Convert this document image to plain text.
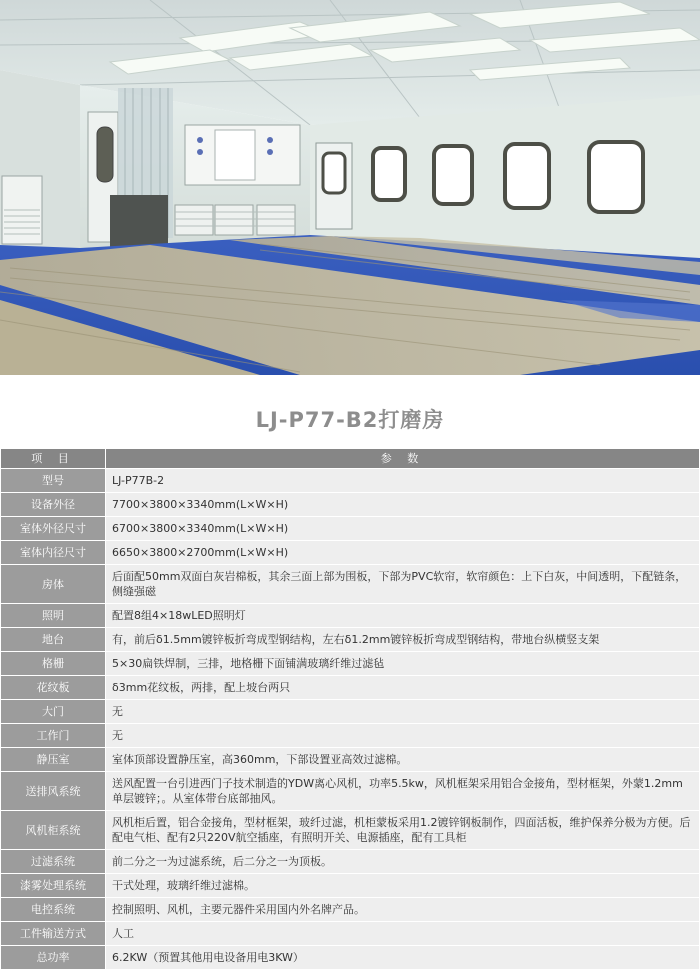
LJ-P77-B2打磨房
项 目	参 数
型号	LJ-P77B-2
设备外径	7700×3800×3340mm(L×W×H)
室体外径尺寸	6700×3800×3340mm(L×W×H)
室体内径尺寸	6650×3800×2700mm(L×W×H)
房体	后面配50mm双面白灰岩棉板，其余三面上部为围板，下部为PVC软帘，软帘颜色：上下白灰，中间透明，下配链条，侧缝强磁
照明	配置8组4×18wLED照明灯
地台	有，前后δ1.5mm镀锌板折弯成型钢结构，左右δ1.2mm镀锌板折弯成型钢结构，带地台纵横竖支架
格栅	5×30扁铁焊制，三排，地格栅下面铺满玻璃纤维过滤毡
花纹板	δ3mm花纹板，两排，配上坡台两只
大门	无
工作门	无
静压室	室体顶部设置静压室，高360mm，下部设置亚高效过滤棉。
送排风系统	送风配置一台引进西门子技术制造的YDW离心风机，功率5.5kw，风机框架采用铝合金接角，型材框架，外蒙1.2mm单层镀锌；。从室体带台底部抽风。
风机柜系统	风机柜后置，铝合金接角，型材框架，玻纤过滤，机柜蒙板采用1.2镀锌钢板制作，四面活板，维护保养分极为方便。后配电气柜、配有2只220V航空插座，有照明开关、电源插座，配有工具柜
过滤系统	前二分之一为过滤系统，后二分之一为顶板。
漆雾处理系统	干式处理，玻璃纤维过滤棉。
电控系统	控制照明、风机，主要元器件采用国内外名牌产品。
工件输送方式	人工
总功率	6.2KW（预置其他用电设备用电3KW）
